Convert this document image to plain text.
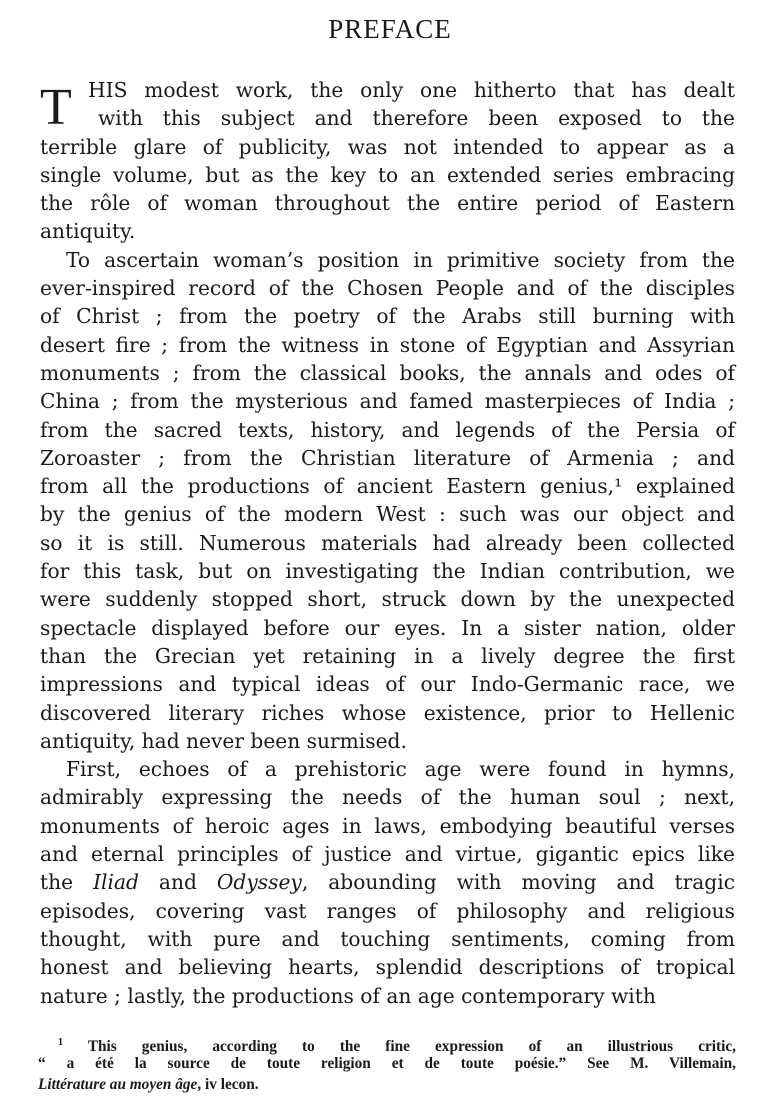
PREFACE
T HIS modest work, the only one hitherto that has dealt
with this subject and therefore been exposed to the
terrible glare of publicity, was not intended to appear as a
single volume, but as the key to an extended series embracing
the rôle of woman throughout the entire period of Eastern
antiquity.
To ascertain woman’s position in primitive society from the
ever-inspired record of the Chosen People and of the disciples
of Christ ; from the poetry of the Arabs still burning with
desert fire ; from the witness in stone of Egyptian and Assyrian
monuments ; from the classical books, the annals and odes of
China ; from the mysterious and famed masterpieces of India ;
from the sacred texts, history, and legends of the Persia of
Zoroaster ; from the Christian literature of Armenia ; and
from all the productions of ancient Eastern genius,¹ explained
by the genius of the modern West : such was our object and
so it is still. Numerous materials had already been collected
for this task, but on investigating the Indian contribution, we
were suddenly stopped short, struck down by the unexpected
spectacle displayed before our eyes. In a sister nation, older
than the Grecian yet retaining in a lively degree the first
impressions and typical ideas of our Indo-Germanic race, we
discovered literary riches whose existence, prior to Hellenic
antiquity, had never been surmised.
First, echoes of a prehistoric age were found in hymns,
admirably expressing the needs of the human soul ; next,
monuments of heroic ages in laws, embodying beautiful verses
and eternal principles of justice and virtue, gigantic epics like
the Iliad and Odyssey, abounding with moving and tragic
episodes, covering vast ranges of philosophy and religious
thought, with pure and touching sentiments, coming from
honest and believing hearts, splendid descriptions of tropical
nature ; lastly, the productions of an age contemporary with
$^1$ This genius, according to the fine expression of an illustrious critic,
“ a été la source de toute religion et de toute poésie.” See M. Villemain,
Littérature au moyen âge, iv lecon.
